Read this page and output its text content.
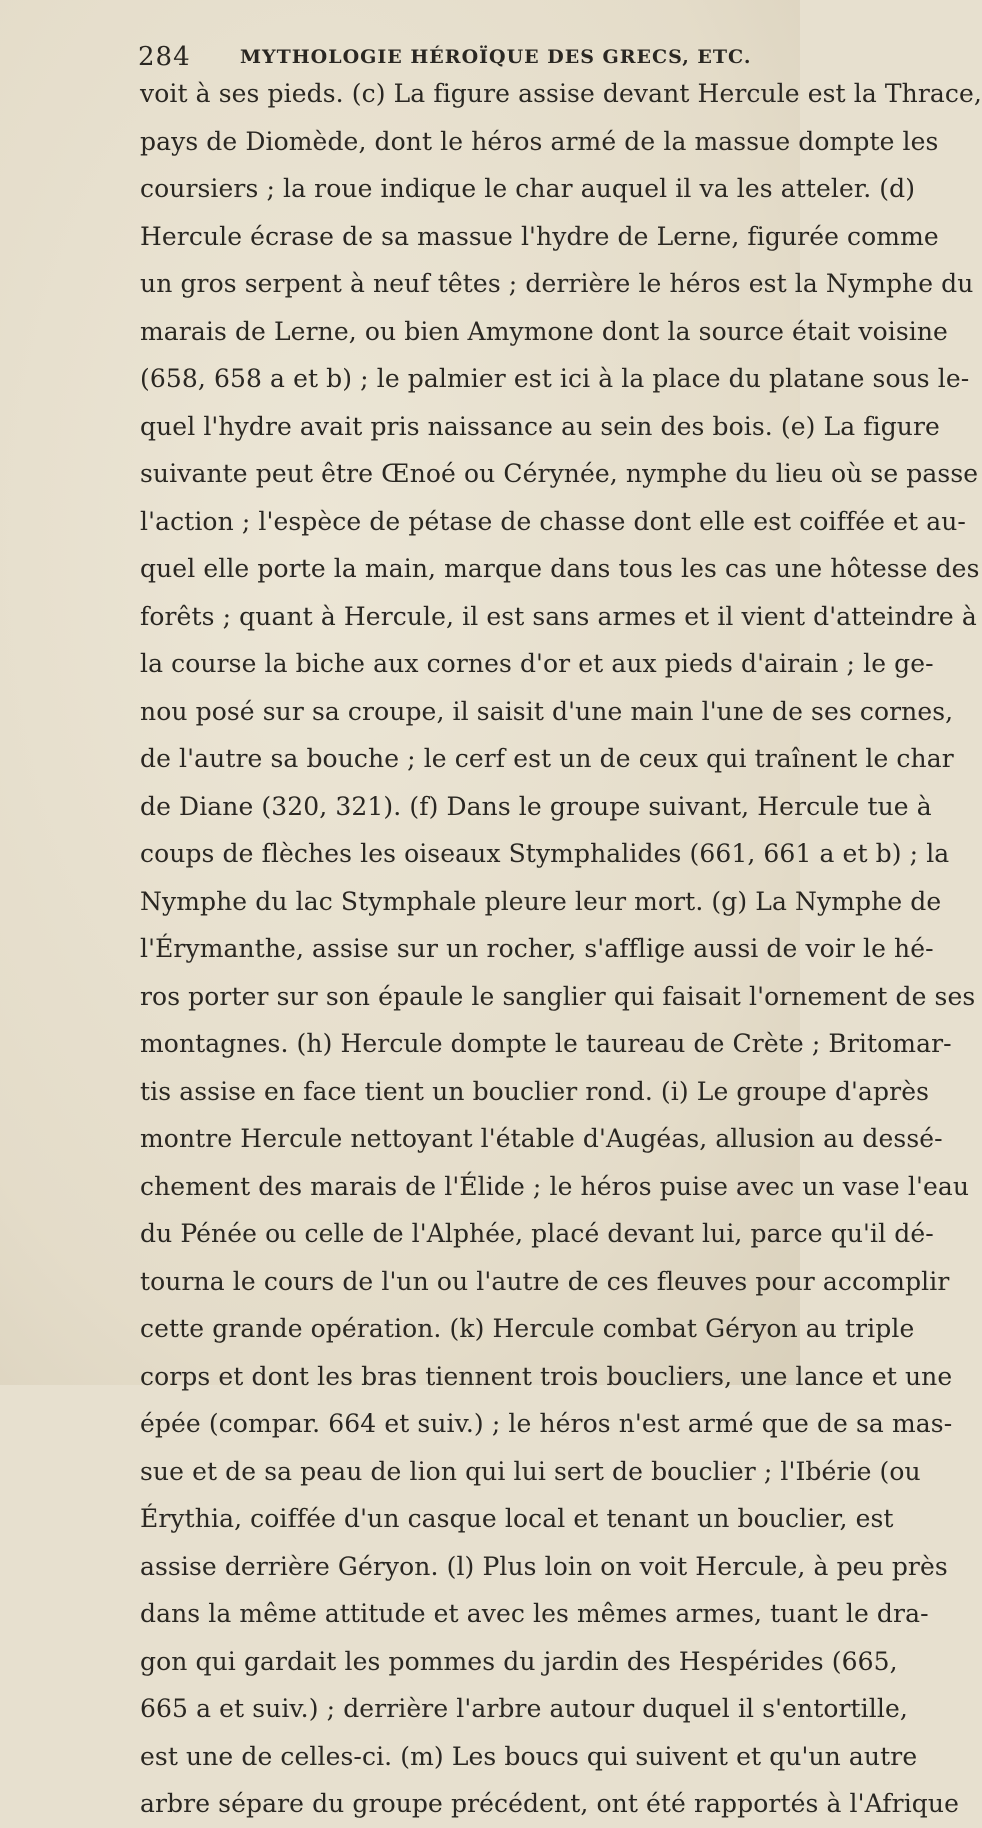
284	MYTHOLOGIE HÉROÏQUE DES GRECS, ETC.
voit à ses pieds. (c) La figure assise devant Hercule est la Thrace,
pays de Diomède, dont le héros armé de la massue dompte les
coursiers ; la roue indique le char auquel il va les atteler. (d)
Hercule écrase de sa massue l'hydre de Lerne, figurée comme
un gros serpent à neuf têtes ; derrière le héros est la Nymphe du
marais de Lerne, ou bien Amymone dont la source était voisine
(658, 658 a et b) ; le palmier est ici à la place du platane sous le-
quel l'hydre avait pris naissance au sein des bois. (e) La figure
suivante peut être Œnoé ou Cérynée, nymphe du lieu où se passe
l'action ; l'espèce de pétase de chasse dont elle est coiffée et au-
quel elle porte la main, marque dans tous les cas une hôtesse des
forêts ; quant à Hercule, il est sans armes et il vient d'atteindre à
la course la biche aux cornes d'or et aux pieds d'airain ; le ge-
nou posé sur sa croupe, il saisit d'une main l'une de ses cornes,
de l'autre sa bouche ; le cerf est un de ceux qui traînent le char
de Diane (320, 321). (f) Dans le groupe suivant, Hercule tue à
coups de flèches les oiseaux Stymphalides (661, 661 a et b) ; la
Nymphe du lac Stymphale pleure leur mort. (g) La Nymphe de
l'Érymanthe, assise sur un rocher, s'afflige aussi de voir le hé-
ros porter sur son épaule le sanglier qui faisait l'ornement de ses
montagnes. (h) Hercule dompte le taureau de Crète ; Britomar-
tis assise en face tient un bouclier rond. (i) Le groupe d'après
montre Hercule nettoyant l'étable d'Augéas, allusion au dessé-
chement des marais de l'Élide ; le héros puise avec un vase l'eau
du Pénée ou celle de l'Alphée, placé devant lui, parce qu'il dé-
tourna le cours de l'un ou l'autre de ces fleuves pour accomplir
cette grande opération. (k) Hercule combat Géryon au triple
corps et dont les bras tiennent trois boucliers, une lance et une
épée (compar. 664 et suiv.) ; le héros n'est armé que de sa mas-
sue et de sa peau de lion qui lui sert de bouclier ; l'Ibérie (ou
Érythia, coiffée d'un casque local et tenant un bouclier, est
assise derrière Géryon. (l) Plus loin on voit Hercule, à peu près
dans la même attitude et avec les mêmes armes, tuant le dra-
gon qui gardait les pommes du jardin des Hespérides (665,
665 a et suiv.) ; derrière l'arbre autour duquel il s'entortille,
est une de celles-ci. (m) Les boucs qui suivent et qu'un autre
arbre sépare du groupe précédent, ont été rapportés à l'Afrique
